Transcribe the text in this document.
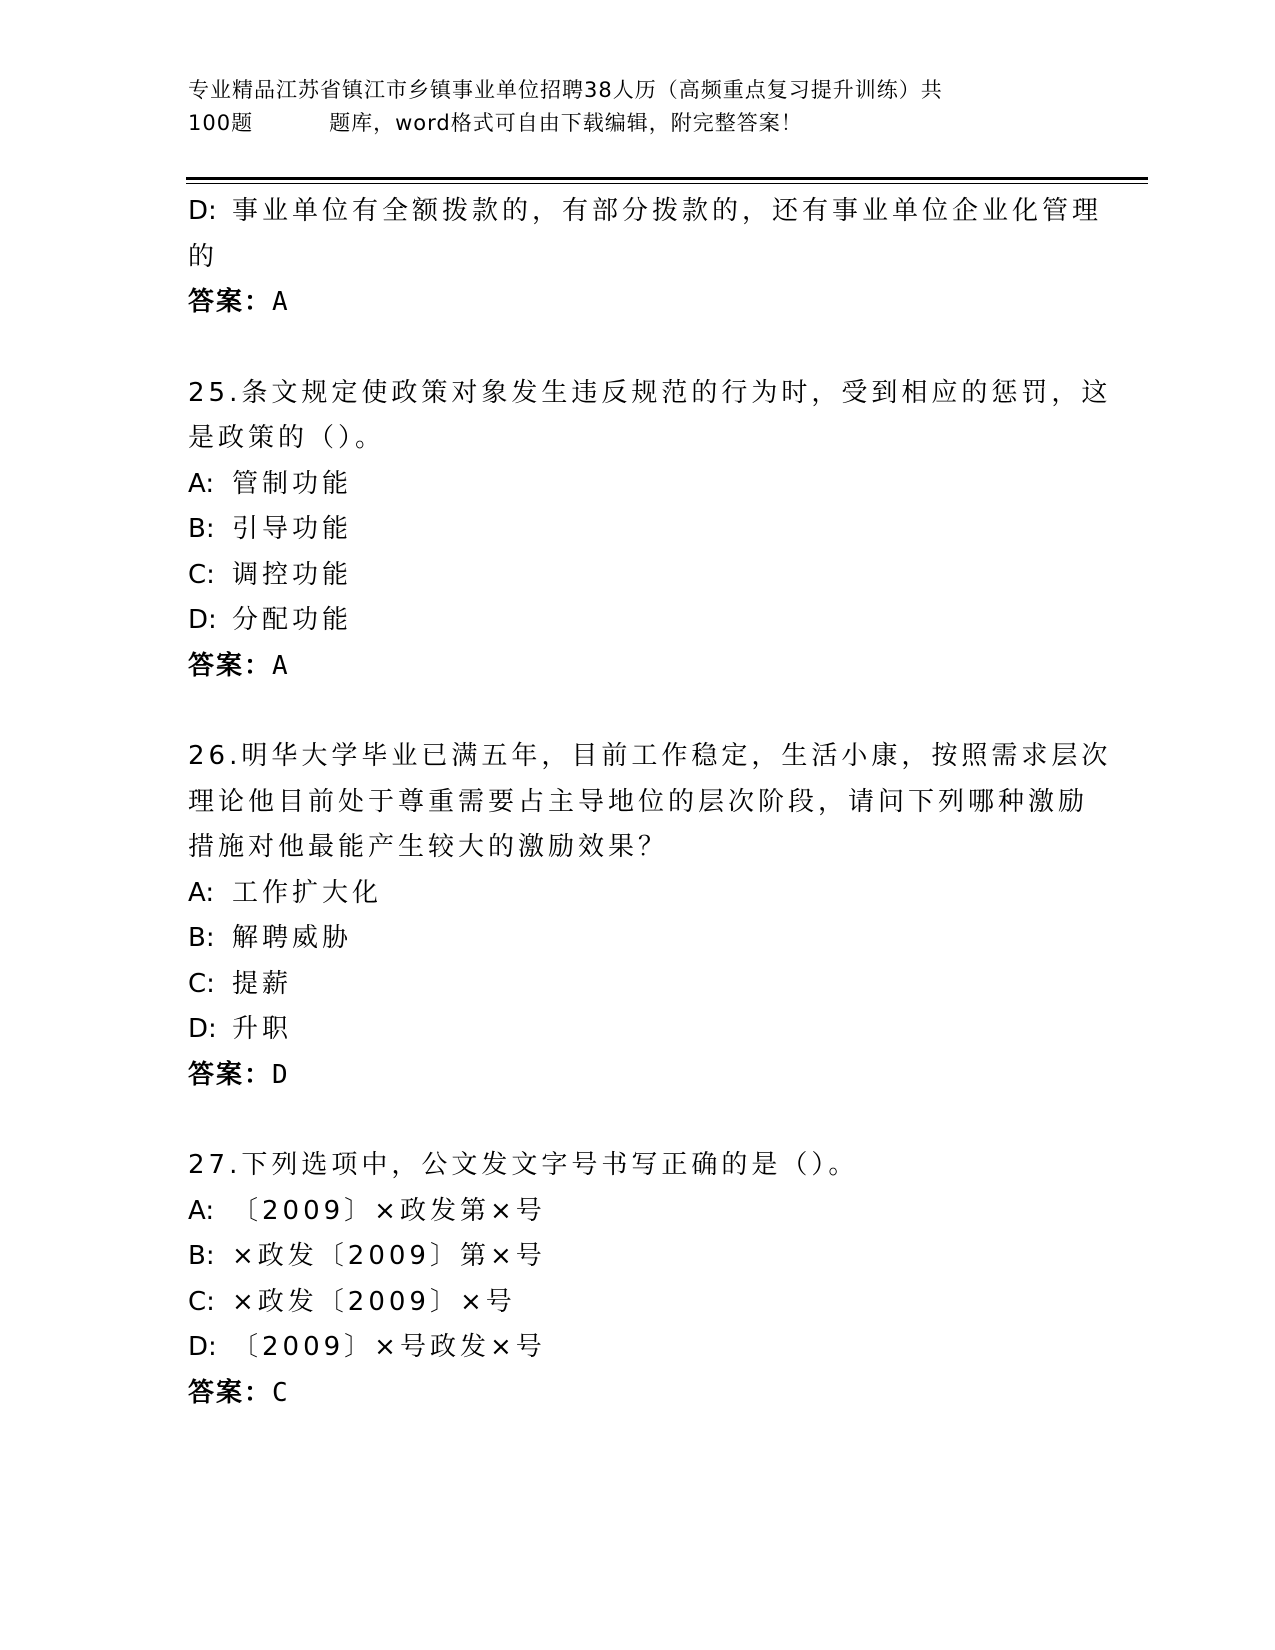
专业精品江苏省镇江市乡镇事业单位招聘38人历（高频重点复习提升训练）共
100题	题库，word格式可自由下载编辑，附完整答案！
D: 事业单位有全额拨款的，有部分拨款的，还有事业单位企业化管理
的
答案：A
25.条文规定使政策对象发生违反规范的行为时，受到相应的惩罚，这
是政策的（）。
A: 管制功能
B: 引导功能
C: 调控功能
D: 分配功能
答案：A
26.明华大学毕业已满五年，目前工作稳定，生活小康，按照需求层次
理论他目前处于尊重需要占主导地位的层次阶段，请问下列哪种激励
措施对他最能产生较大的激励效果？
A: 工作扩大化
B: 解聘威胁
C: 提薪
D: 升职
答案：D
27.下列选项中，公文发文字号书写正确的是（）。
A: 〔2009〕×政发第×号
B: ×政发〔2009〕第×号
C: ×政发〔2009〕×号
D: 〔2009〕×号政发×号
答案：C
